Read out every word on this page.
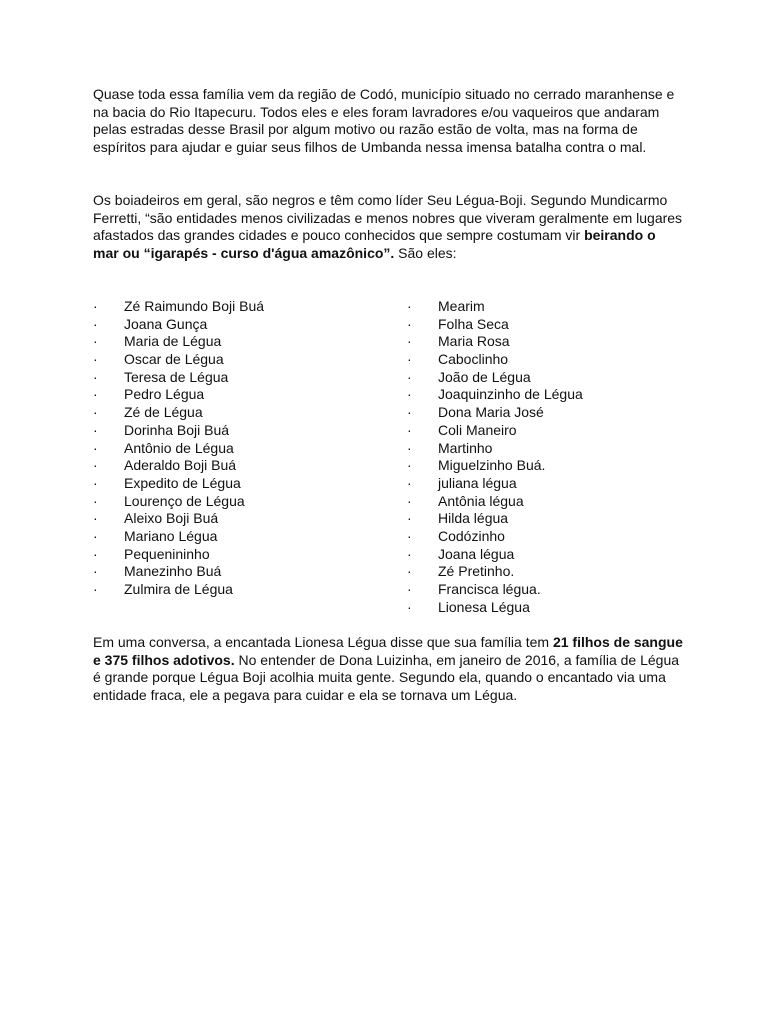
Quase toda essa família vem da região de Codó, município situado no cerrado maranhense e na bacia do Rio Itapecuru. Todos eles e eles foram lavradores e/ou vaqueiros que andaram pelas estradas desse Brasil por algum motivo ou razão estão de volta, mas na forma de espíritos para ajudar e guiar seus filhos de Umbanda nessa imensa batalha contra o mal.

Os boiadeiros em geral, são negros e têm como líder Seu Légua-Boji. Segundo Mundicarmo Ferretti, “são entidades menos civilizadas e menos nobres que viveram geralmente em lugares afastados das grandes cidades e pouco conhecidos que sempre costumam vir beirando o mar ou “igarapés - curso d'água amazônico”. São eles:

· Zé Raimundo Boji Buá
· Joana Gunça
· Maria de Légua
· Oscar de Légua
· Teresa de Légua
· Pedro Légua
· Zé de Légua
· Dorinha Boji Buá
· Antônio de Légua
· Aderaldo Boji Buá
· Expedito de Légua
· Lourenço de Légua
· Aleixo Boji Buá
· Mariano Légua
· Pequenininho
· Manezinho Buá
· Zulmira de Légua
· Mearim
· Folha Seca
· Maria Rosa
· Caboclinho
· João de Légua
· Joaquinzinho de Légua
· Dona Maria José
· Coli Maneiro
· Martinho
· Miguelzinho Buá.
· juliana légua
· Antônia légua
· Hilda légua
· Codózinho
· Joana légua
· Zé Pretinho.
· Francisca légua.
· Lionesa Légua

Em uma conversa, a encantada Lionesa Légua disse que sua família tem 21 filhos de sangue e 375 filhos adotivos. No entender de Dona Luizinha, em janeiro de 2016, a família de Légua é grande porque Légua Boji acolhia muita gente. Segundo ela, quando o encantado via uma entidade fraca, ele a pegava para cuidar e ela se tornava um Légua.
